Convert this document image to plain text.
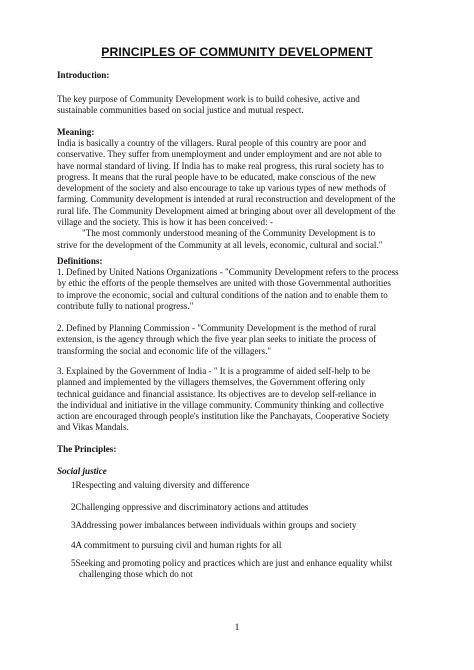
PRINCIPLES OF COMMUNITY DEVELOPMENT
Introduction:
The key purpose of Community Development work is to build cohesive, active and
sustainable communities based on social justice and mutual respect.
Meaning:
India is basically a country of the villagers. Rural people of this country are poor and
conservative. They suffer from unemployment and under employment and are not able to
have normal standard of living. If India has to make real progress, this rural society has to
progress. It means that the rural people have to be educated, make conscious of the new
development of the society and also encourage to take up various types of new methods of
farming. Community development is intended at rural reconstruction and development of the
rural life. The Community Development aimed at bringing about over all development of the
village and the society. This is how it has been conceived: -
"The most commonly understood meaning of the Community Development is to
strive for the development of the Community at all levels, economic, cultural and social."
Definitions:
1. Defined by United Nations Organizations - "Community Development refers to the process
by ethic the efforts of the people themselves are united with those Governmental authorities
to improve the economic, social and cultural conditions of the nation and to enable them to
contribute fully to national progress."
2. Defined by Planning Commission - "Community Development is the method of rural
extension, is the agency through which the five year plan seeks to initiate the process of
transforming the social and economic life of the villagers."
3. Explained by the Government of India - " It is a programme of aided self-help to be
planned and implemented by the villagers themselves, the Government offering only
technical guidance and financial assistance. Its objectives are to develop self-reliance in
the individual and initiative in the village community. Community thinking and collective
action are encouraged through people's institution like the Panchayats, Cooperative Society
and Vikas Mandals.
The Principles:
Social justice
1Respecting and valuing diversity and difference
2Challenging oppressive and discriminatory actions and attitudes
3Addressing power imbalances between individuals within groups and society
4A commitment to pursuing civil and human rights for all
5Seeking and promoting policy and practices which are just and enhance equality whilst
challenging those which do not
1
